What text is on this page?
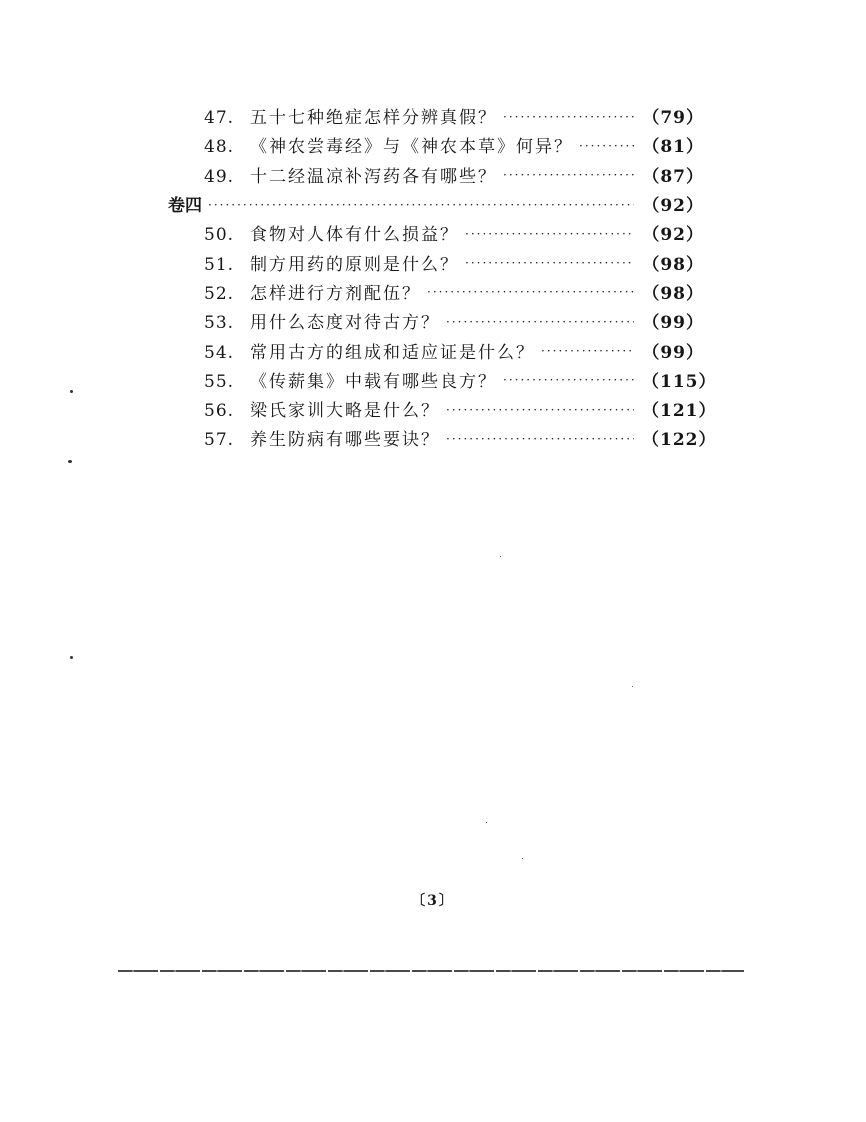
47. 五十七种绝症怎样分辨真假？ ·····	（79）
48. 《神农尝毒经》与《神农本草》何异？ ·····	（81）
49. 十二经温凉补泻药各有哪些？ ·····	（87）
卷四 ·····	（92）
50. 食物对人体有什么损益？ ·····	（92）
51. 制方用药的原则是什么？ ·····	（98）
52. 怎样进行方剂配伍？ ·····	（98）
53. 用什么态度对待古方？ ·····	（99）
54. 常用古方的组成和适应证是什么？ ·····	（99）
55. 《传薪集》中载有哪些良方？ ·····	（115）
56. 梁氏家训大略是什么？ ·····	（121）
57. 养生防病有哪些要诀？ ·····	（122）
〔3〕
